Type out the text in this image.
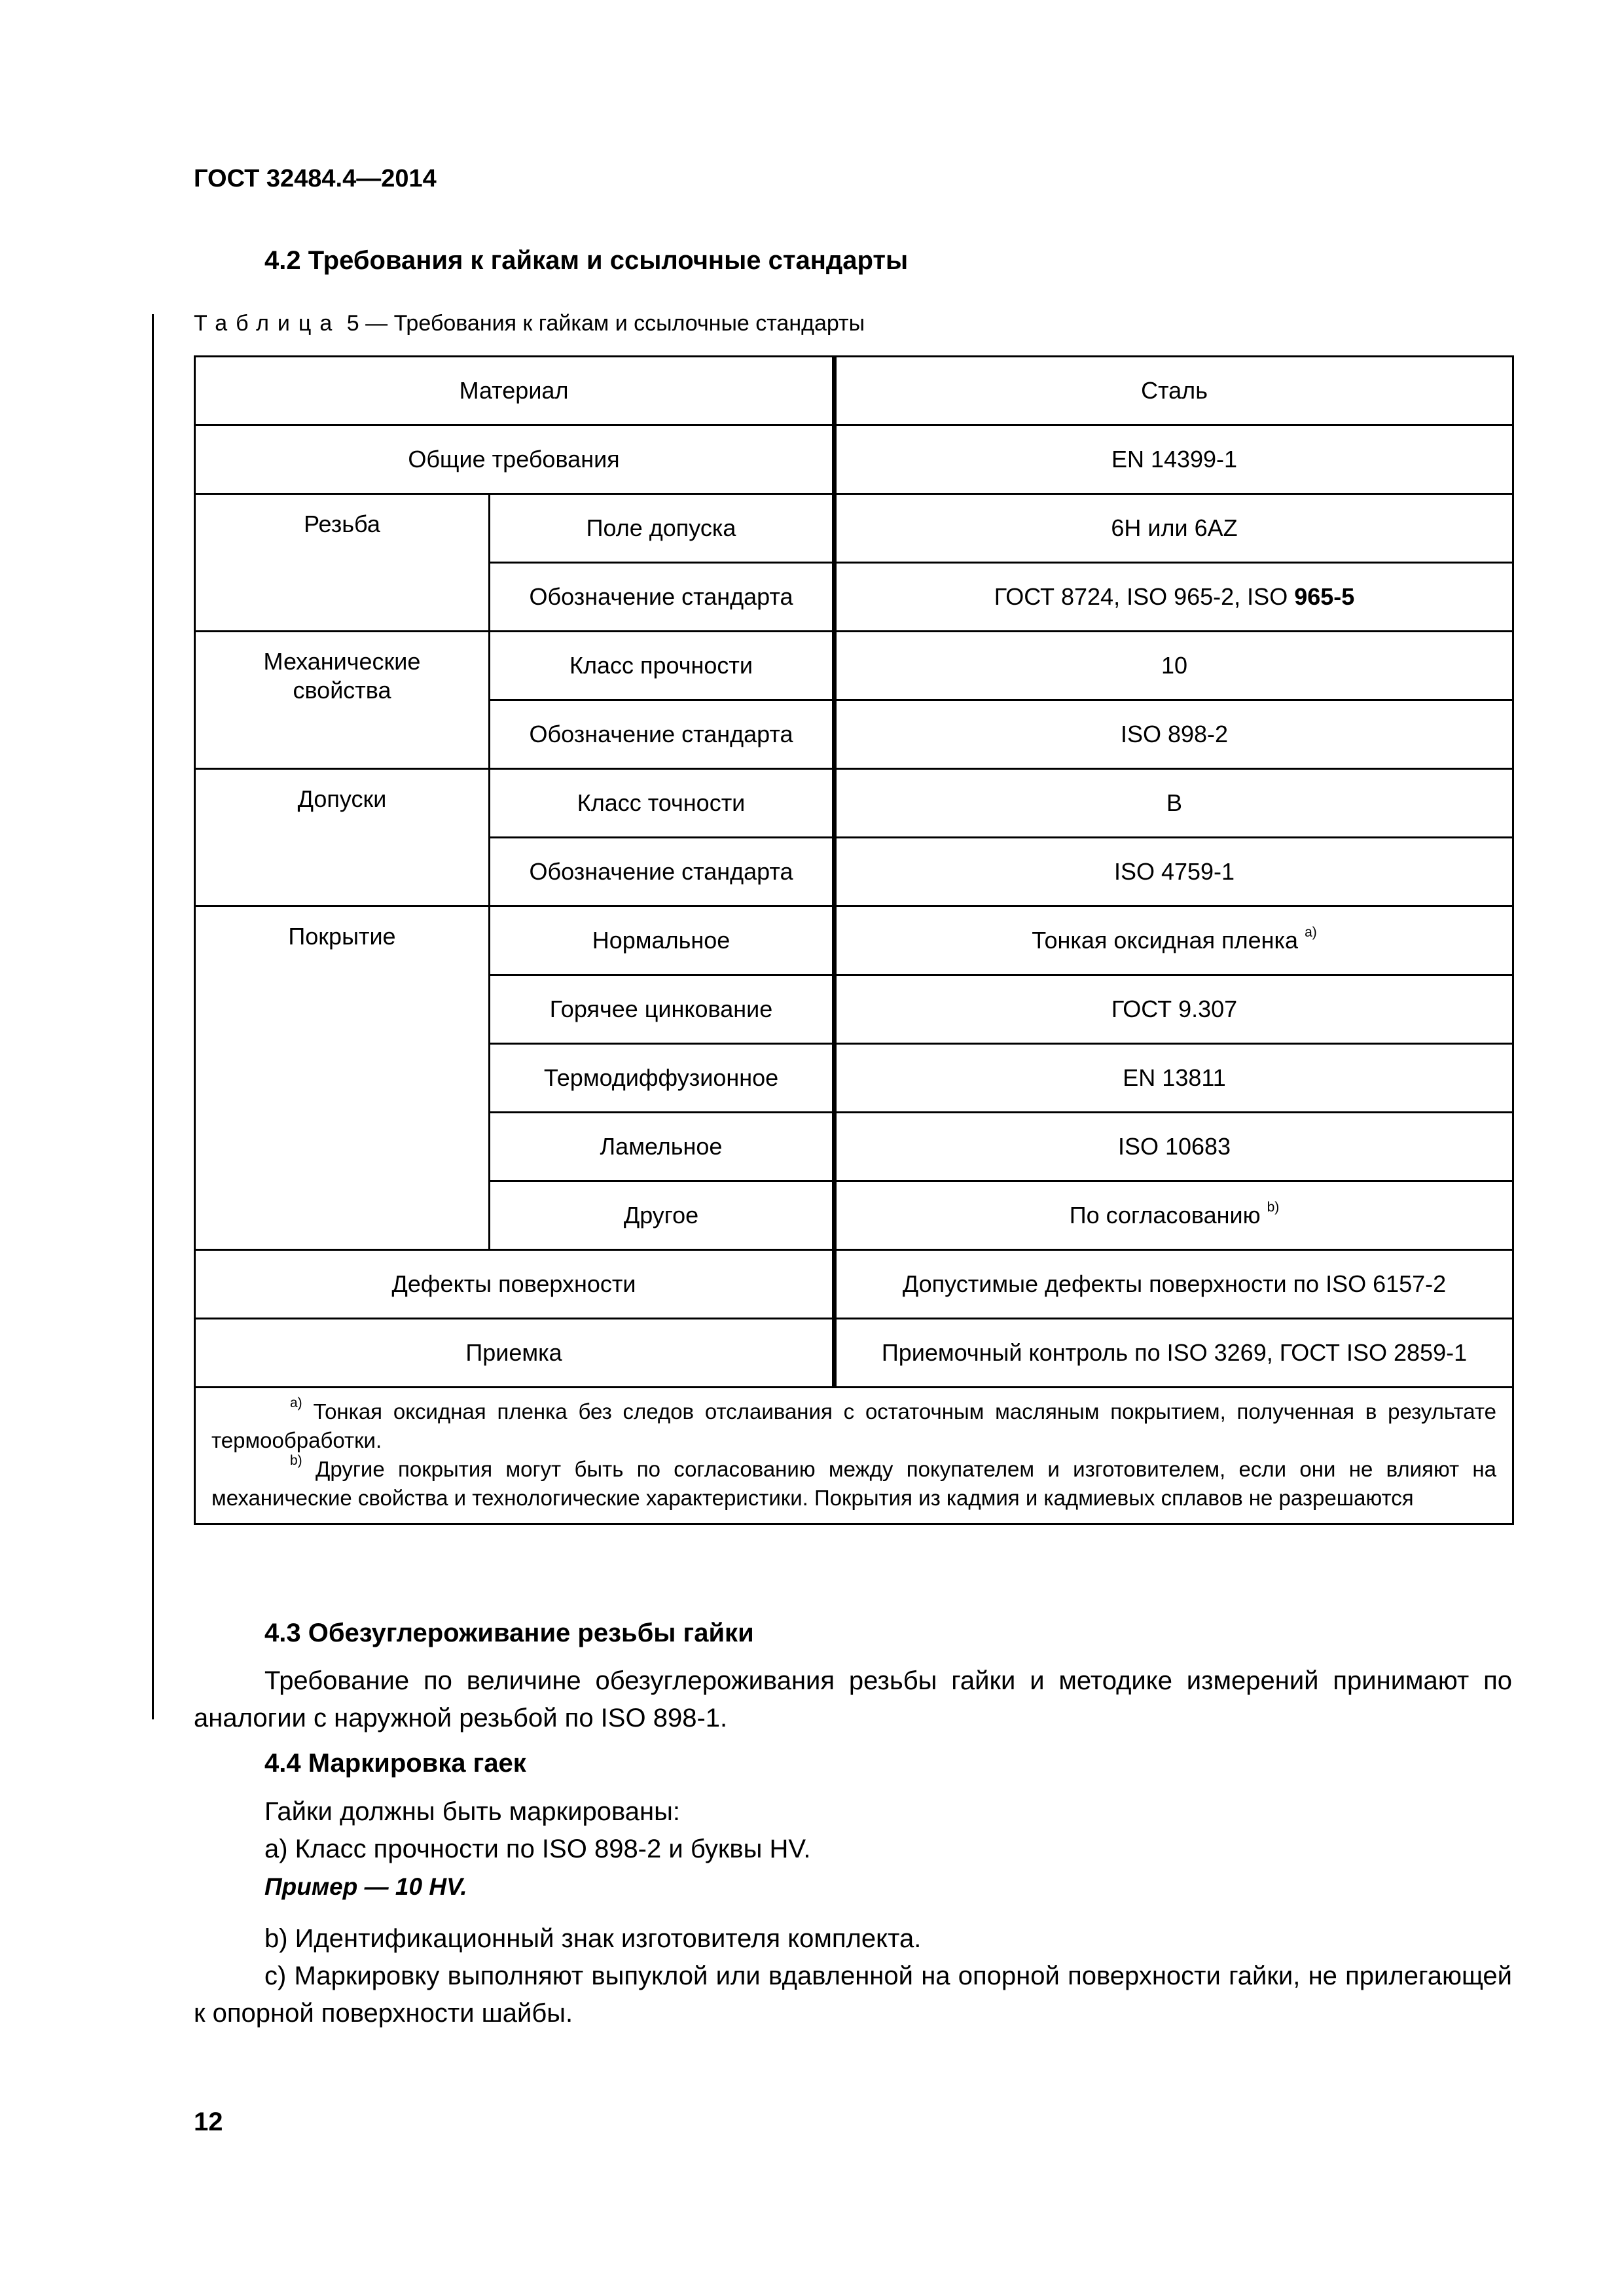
ГОСТ 32484.4—2014
4.2 Требования к гайкам и ссылочные стандарты
Таблица 5 — Требования к гайкам и ссылочные стандарты
Материал		Сталь
Общие требования		EN 14399-1
Резьба	Поле допуска	6H или 6AZ
	Обозначение стандарта	ГОСТ 8724, ISO 965-2, ISO 965-5
Механические свойства	Класс прочности	10
	Обозначение стандарта	ISO 898-2
Допуски	Класс точности	B
	Обозначение стандарта	ISO 4759-1
Покрытие	Нормальное	Тонкая оксидная пленка $^{a)}$
	Горячее цинкование	ГОСТ 9.307
	Термодиффузионное	EN 13811
	Ламельное	ISO 10683
	Другое	По согласованию $^{b)}$
Дефекты поверхности		Допустимые дефекты поверхности по ISO 6157-2
Приемка		Приемочный контроль по ISO 3269, ГОСТ ISO 2859-1

$^{a)}$ Тонкая оксидная пленка без следов отслаивания с остаточным масляным покрытием, полученная в результате термообработки.

$^{b)}$ Другие покрытия могут быть по согласованию между покупателем и изготовителем, если они не влияют на механические свойства и технологические характеристики. Покрытия из кадмия и кадмиевых сплавов не разрешаются		

4.3 Обезуглероживание резьбы гайки

Требование по величине обезуглероживания резьбы гайки и методике измерений принимают по аналогии с наружной резьбой по ISO 898-1.

4.4 Маркировка гаек

Гайки должны быть маркированы:

а) Класс прочности по ISO 898-2 и буквы HV.

Пример — 10 HV.

b) Идентификационный знак изготовителя комплекта.

c) Маркировку выполняют выпуклой или вдавленной на опорной поверхности гайки, не прилегающей к опорной поверхности шайбы.

12
